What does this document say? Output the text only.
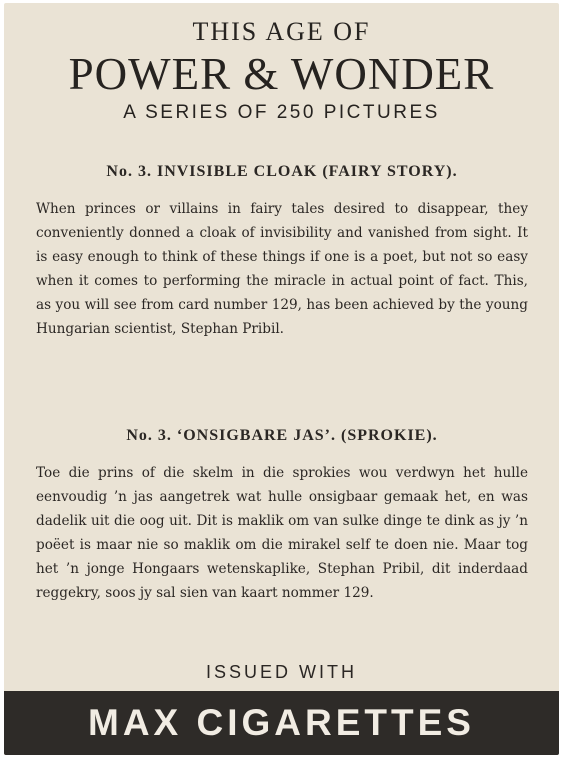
THIS AGE OF
POWER & WONDER
A SERIES OF 250 PICTURES

No. 3. INVISIBLE CLOAK (FAIRY STORY).

When princes or villains in fairy tales desired to disappear, they conveniently donned a cloak of invisibility and vanished from sight. It is easy enough to think of these things if one is a poet, but not so easy when it comes to performing the miracle in actual point of fact. This, as you will see from card number 129, has been achieved by the young Hungarian scientist, Stephan Pribil.

No. 3. ‘ONSIGBARE JAS’. (SPROKIE).

Toe die prins of die skelm in die sprokies wou verdwyn het hulle eenvoudig ’n jas aangetrek wat hulle onsigbaar gemaak het, en was dadelik uit die oog uit. Dit is maklik om van sulke dinge te dink as jy ’n poëet is maar nie so maklik om die mirakel self te doen nie. Maar tog het ’n jonge Hongaars wetenskaplike, Stephan Pribil, dit inderdaad reggekry, soos jy sal sien van kaart nommer 129.

ISSUED WITH
MAX CIGARETTES
